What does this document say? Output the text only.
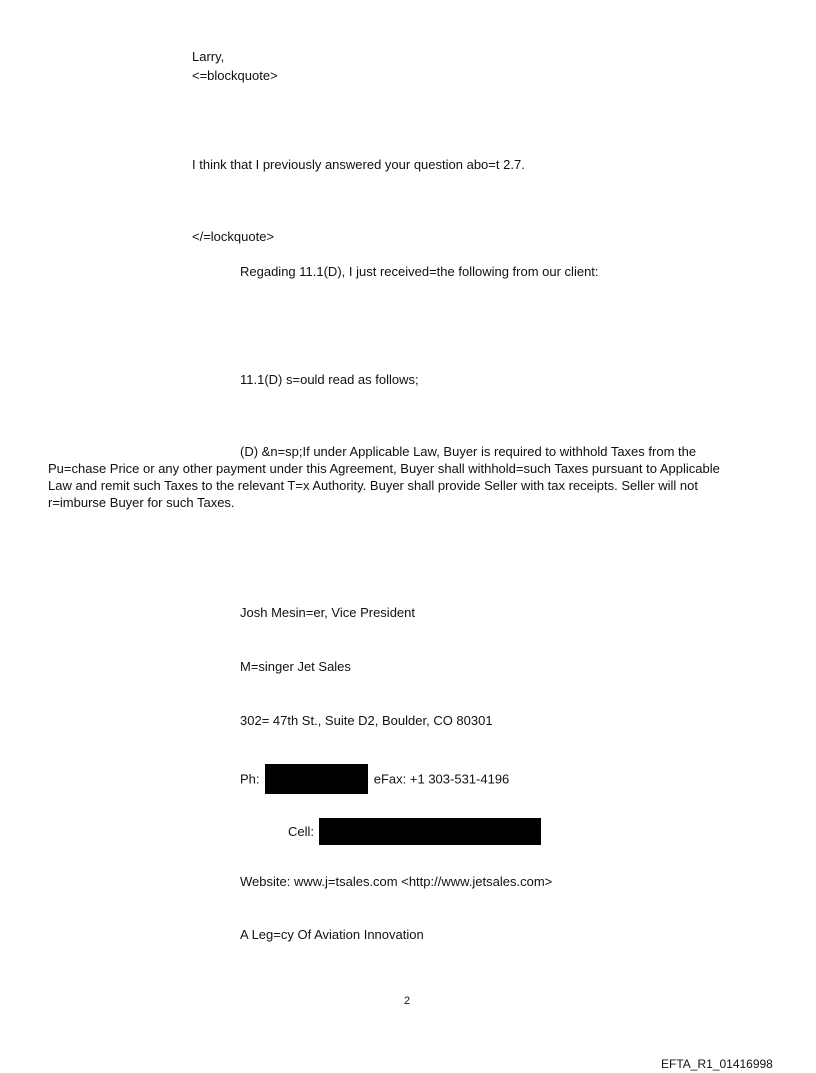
Larry,
<=blockquote>
I think that I previously answered your question abo=t 2.7.
</=lockquote>
Regading 11.1(D), I just received=the following from our client:
11.1(D) s=ould read as follows;
(D) &n=sp;If under Applicable Law, Buyer is required to withhold Taxes from the
Pu=chase Price or any other payment under this Agreement, Buyer shall withhold=such Taxes pursuant to Applicable
Law and remit such Taxes to the relevant T=x Authority. Buyer shall provide Seller with tax receipts. Seller will not
r=imburse Buyer for such Taxes.
Josh Mesin=er, Vice President
M=singer Jet Sales
302= 47th St., Suite D2, Boulder, CO 80301
Ph:	eFax: +1 303-531-4196
Cell:
Website: www.j=tsales.com <http://www.jetsales.com>
A Leg=cy Of Aviation Innovation
2
EFTA_R1_01416998
